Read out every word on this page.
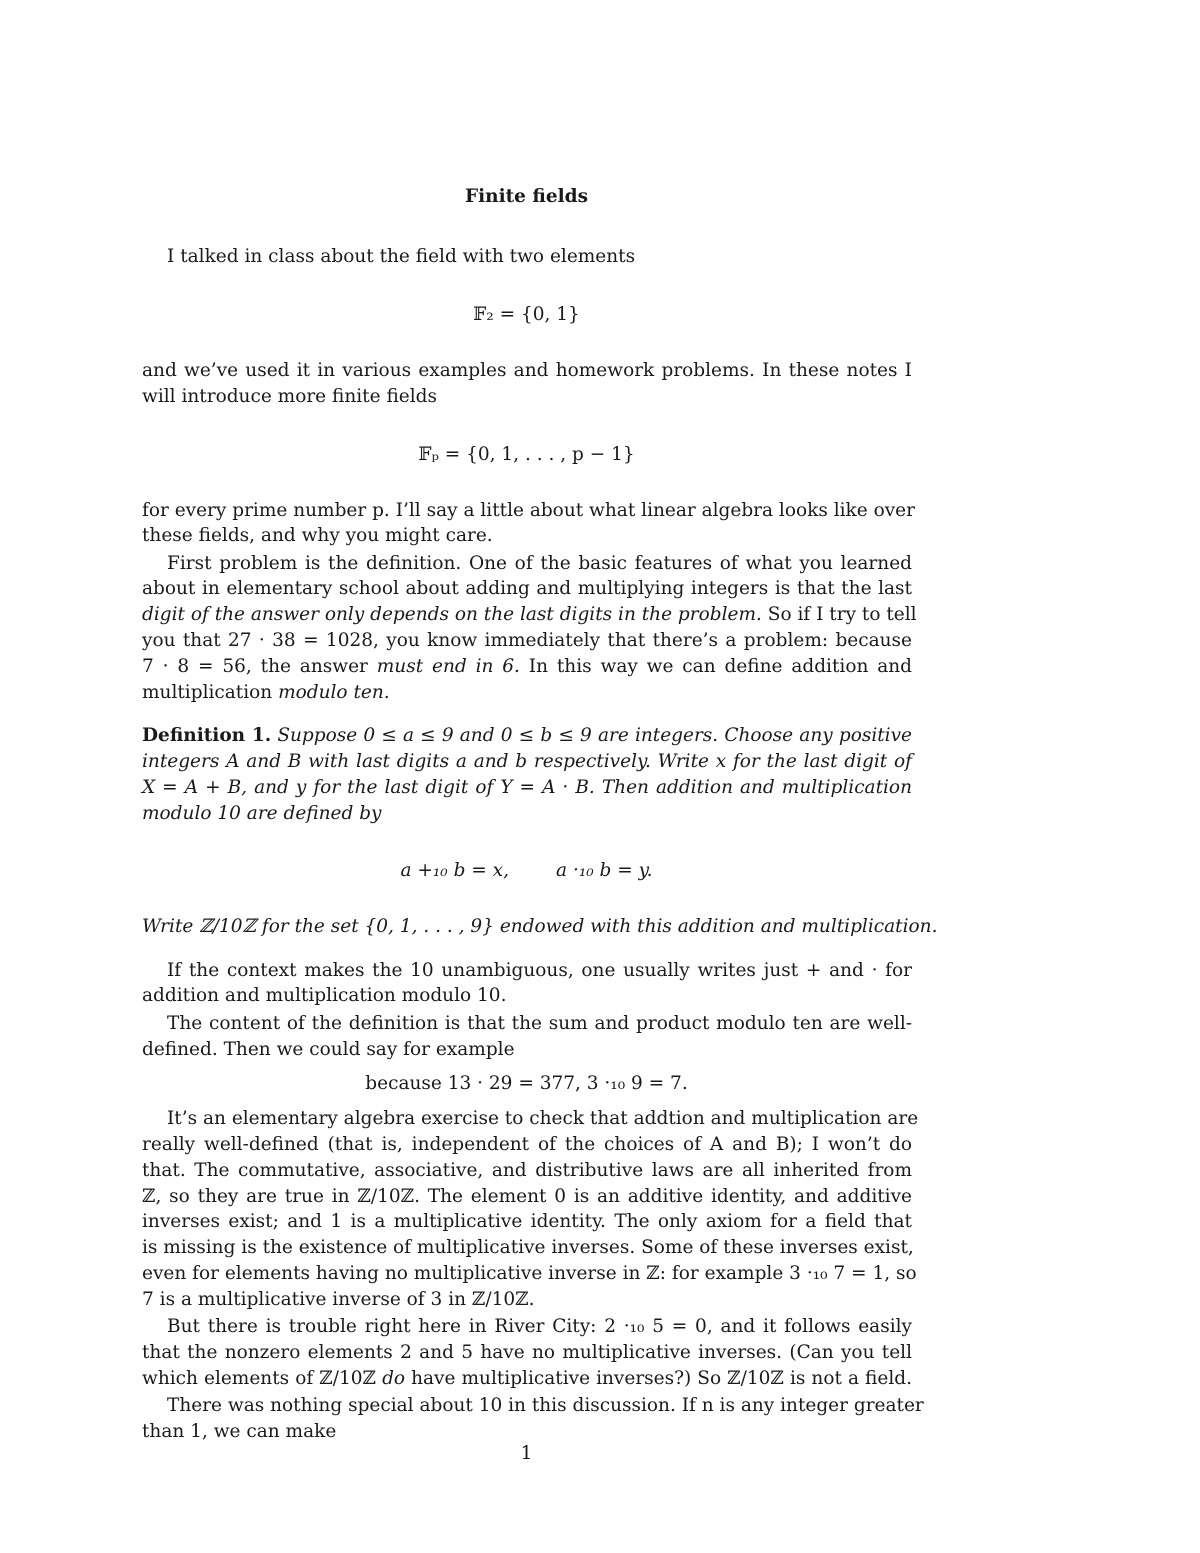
Finite fields
I talked in class about the field with two elements
𝔽₂ = {0, 1}
and we’ve used it in various examples and homework problems. In these notes I
will introduce more finite fields
𝔽ₚ = {0, 1, . . . , p − 1}
for every prime number p. I’ll say a little about what linear algebra looks like over
these fields, and why you might care.
First problem is the definition. One of the basic features of what you learned
about in elementary school about adding and multiplying integers is that the last
digit of the answer only depends on the last digits in the problem. So if I try to tell
you that 27 · 38 = 1028, you know immediately that there’s a problem: because
7 · 8 = 56, the answer must end in 6. In this way we can define addition and
multiplication modulo ten.
Definition 1. Suppose 0 ≤ a ≤ 9 and 0 ≤ b ≤ 9 are integers. Choose any positive
integers A and B with last digits a and b respectively. Write x for the last digit of
X = A + B, and y for the last digit of Y = A · B. Then addition and multiplication
modulo 10 are defined by
a +₁₀ b = x,        a ·₁₀ b = y.
Write ℤ/10ℤ for the set {0, 1, . . . , 9} endowed with this addition and multiplication.
If the context makes the 10 unambiguous, one usually writes just + and · for
addition and multiplication modulo 10.
The content of the definition is that the sum and product modulo ten are well-
defined. Then we could say for example
because 13 · 29 = 377, 3 ·₁₀ 9 = 7.
It’s an elementary algebra exercise to check that addtion and multiplication are
really well-defined (that is, independent of the choices of A and B); I won’t do
that. The commutative, associative, and distributive laws are all inherited from
ℤ, so they are true in ℤ/10ℤ. The element 0 is an additive identity, and additive
inverses exist; and 1 is a multiplicative identity. The only axiom for a field that
is missing is the existence of multiplicative inverses. Some of these inverses exist,
even for elements having no multiplicative inverse in ℤ: for example 3 ·₁₀ 7 = 1, so
7 is a multiplicative inverse of 3 in ℤ/10ℤ.
But there is trouble right here in River City: 2 ·₁₀ 5 = 0, and it follows easily
that the nonzero elements 2 and 5 have no multiplicative inverses. (Can you tell
which elements of ℤ/10ℤ do have multiplicative inverses?) So ℤ/10ℤ is not a field.
There was nothing special about 10 in this discussion. If n is any integer greater
than 1, we can make
1
